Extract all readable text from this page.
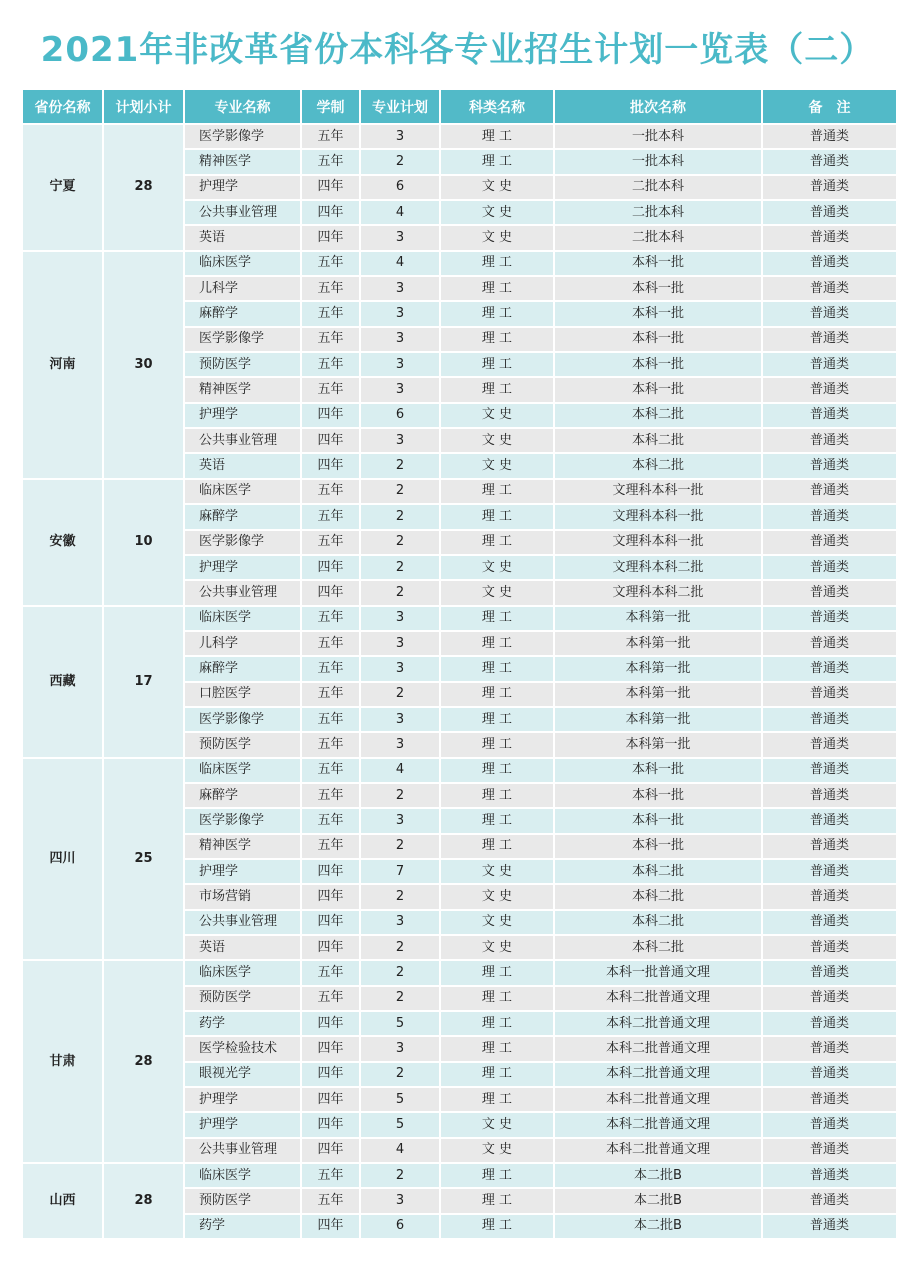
2021年非改革省份本科各专业招生计划一览表（二）
省份名称	计划小计	专业名称	学制	专业计划	科类名称	批次名称	备　注
宁夏	28	医学影像学	五年	3	理 工	一批本科	普通类
		精神医学	五年	2	理 工	一批本科	普通类
		护理学	四年	6	文 史	二批本科	普通类
		公共事业管理	四年	4	文 史	二批本科	普通类
		英语	四年	3	文 史	二批本科	普通类
河南	30	临床医学	五年	4	理 工	本科一批	普通类
		儿科学	五年	3	理 工	本科一批	普通类
		麻醉学	五年	3	理 工	本科一批	普通类
		医学影像学	五年	3	理 工	本科一批	普通类
		预防医学	五年	3	理 工	本科一批	普通类
		精神医学	五年	3	理 工	本科一批	普通类
		护理学	四年	6	文 史	本科二批	普通类
		公共事业管理	四年	3	文 史	本科二批	普通类
		英语	四年	2	文 史	本科二批	普通类
安徽	10	临床医学	五年	2	理 工	文理科本科一批	普通类
		麻醉学	五年	2	理 工	文理科本科一批	普通类
		医学影像学	五年	2	理 工	文理科本科一批	普通类
		护理学	四年	2	文 史	文理科本科二批	普通类
		公共事业管理	四年	2	文 史	文理科本科二批	普通类
西藏	17	临床医学	五年	3	理 工	本科第一批	普通类
		儿科学	五年	3	理 工	本科第一批	普通类
		麻醉学	五年	3	理 工	本科第一批	普通类
		口腔医学	五年	2	理 工	本科第一批	普通类
		医学影像学	五年	3	理 工	本科第一批	普通类
		预防医学	五年	3	理 工	本科第一批	普通类
四川	25	临床医学	五年	4	理 工	本科一批	普通类
		麻醉学	五年	2	理 工	本科一批	普通类
		医学影像学	五年	3	理 工	本科一批	普通类
		精神医学	五年	2	理 工	本科一批	普通类
		护理学	四年	7	文 史	本科二批	普通类
		市场营销	四年	2	文 史	本科二批	普通类
		公共事业管理	四年	3	文 史	本科二批	普通类
		英语	四年	2	文 史	本科二批	普通类
甘肃	28	临床医学	五年	2	理 工	本科一批普通文理	普通类
		预防医学	五年	2	理 工	本科二批普通文理	普通类
		药学	四年	5	理 工	本科二批普通文理	普通类
		医学检验技术	四年	3	理 工	本科二批普通文理	普通类
		眼视光学	四年	2	理 工	本科二批普通文理	普通类
		护理学	四年	5	理 工	本科二批普通文理	普通类
		护理学	四年	5	文 史	本科二批普通文理	普通类
		公共事业管理	四年	4	文 史	本科二批普通文理	普通类
山西	28	临床医学	五年	2	理 工	本二批B	普通类
		预防医学	五年	3	理 工	本二批B	普通类
		药学	四年	6	理 工	本二批B	普通类
